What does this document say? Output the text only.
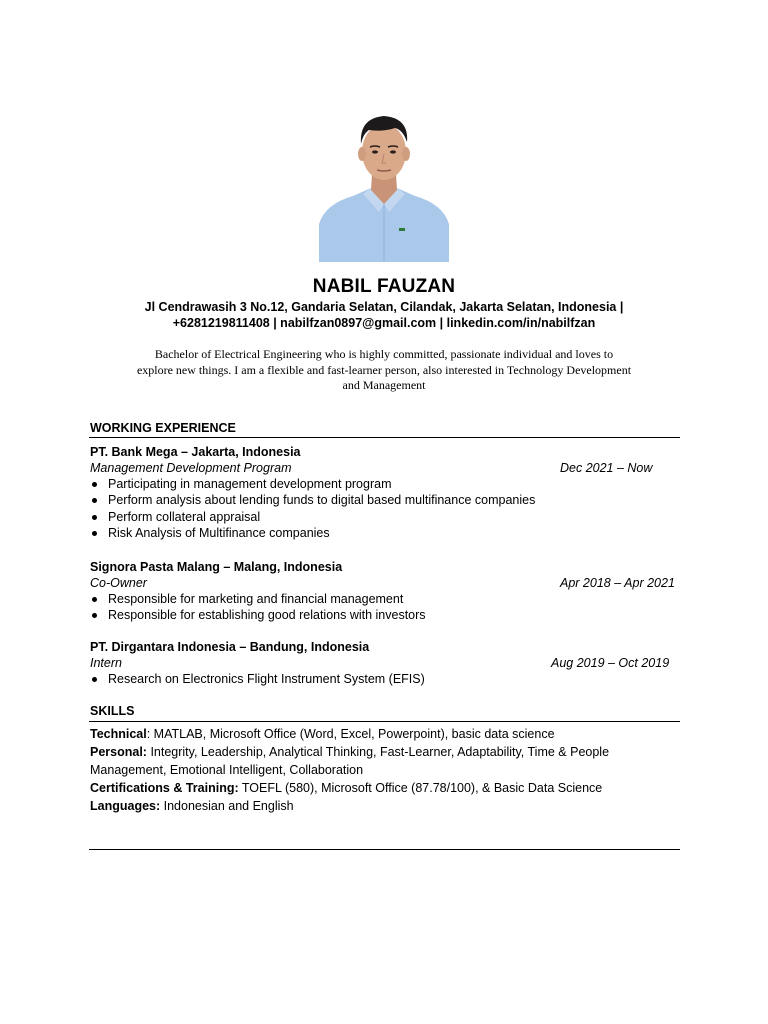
NABIL FAUZAN
Jl Cendrawasih 3 No.12, Gandaria Selatan, Cilandak, Jakarta Selatan, Indonesia |
+6281219811408 | nabilfzan0897@gmail.com | linkedin.com/in/nabilfzan
Bachelor of Electrical Engineering who is highly committed, passionate individual and loves to
explore new things. I am a flexible and fast-learner person, also interested in Technology Development
and Management
WORKING EXPERIENCE
PT. Bank Mega – Jakarta, Indonesia
Management Development Program	Dec 2021 – Now
Participating in management development program
Perform analysis about lending funds to digital based multifinance companies
Perform collateral appraisal
Risk Analysis of Multifinance companies
Signora Pasta Malang – Malang, Indonesia
Co-Owner	Apr 2018 – Apr 2021
Responsible for marketing and financial management
Responsible for establishing good relations with investors
PT. Dirgantara Indonesia – Bandung, Indonesia
Intern	Aug 2019 – Oct 2019
Research on Electronics Flight Instrument System (EFIS)
SKILLS
Technical: MATLAB, Microsoft Office (Word, Excel, Powerpoint), basic data science
Personal: Integrity, Leadership, Analytical Thinking, Fast-Learner, Adaptability, Time & People Management, Emotional Intelligent, Collaboration
Certifications & Training: TOEFL (580), Microsoft Office (87.78/100), & Basic Data Science
Languages: Indonesian and English
